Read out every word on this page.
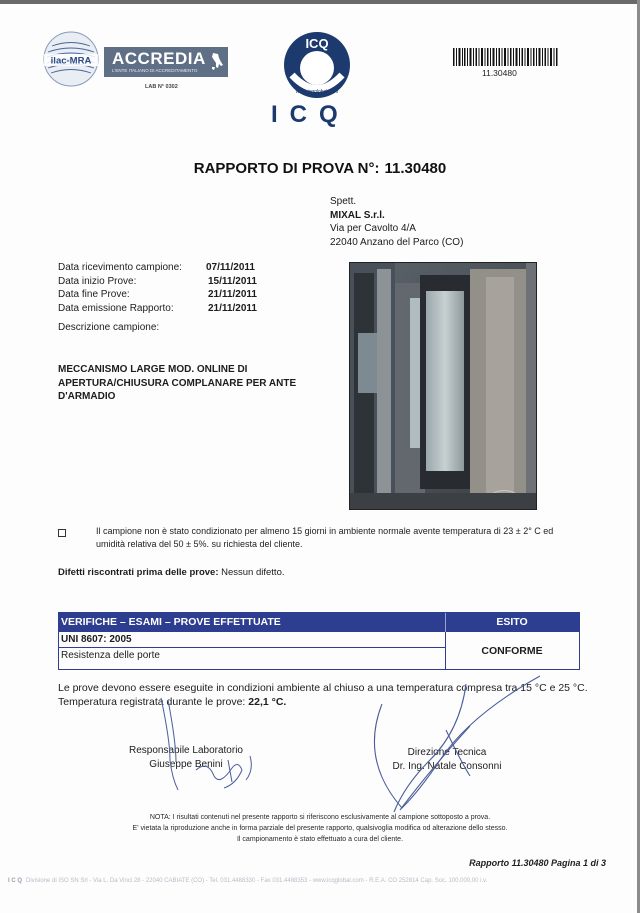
ilac-MRA ACCREDIA
L'ENTE ITALIANO DI ACCREDITAMENTO
LAB N° 0302
ICQ
www.icqglobal.com
ICQ
11.30480
RAPPORTO DI PROVA N°: 11.30480
Spett.
MIXAL S.r.l.
Via per Cavolto 4/A
22040 Anzano del Parco (CO)
Data ricevimento campione: 07/11/2011
Data inizio Prove:	15/11/2011
Data fine Prove:	21/11/2011
Data emissione Rapporto:	21/11/2011
Descrizione campione:
MECCANISMO LARGE MOD. ONLINE DI APERTURA/CHIUSURA COMPLANARE PER ANTE D'ARMADIO
Il campione non è stato condizionato per almeno 15 giorni in ambiente normale avente temperatura di 23 ± 2° C ed umidità relativa del 50 ± 5%. su richiesta del cliente.
Difetti riscontrati prima delle prove: Nessun difetto.
VERIFICHE – ESAMI – PROVE EFFETTUATE	ESITO
UNI 8607: 2005
Resistenza delle porte	CONFORME
Le prove devono essere eseguite in condizioni ambiente al chiuso a una temperatura compresa tra 15 °C e 25 °C. Temperatura registrata durante le prove: 22,1 °C.
Responsabile Laboratorio
Giuseppe Benini
Direzione Tecnica
Dr. Ing. Natale Consonni
NOTA: I risultati contenuti nel presente rapporto si riferiscono esclusivamente al campione sottoposto a prova.
E' vietata la riproduzione anche in forma parziale del presente rapporto, qualsivoglia modifica od alterazione dello stesso.
Il campionamento è stato effettuato a cura del cliente.
Rapporto 11.30480 Pagina 1 di 3
I C Q Divisione di ISO SN Srl - Via L. Da Vinci 28 - 22040 CABIATE (CO) - Tel. 031.4488330 - Fax 031.4488353 - www.icqglobal.com - R.E.A. CO 252814 Cap. Soc. 100.000,00 i.v.
